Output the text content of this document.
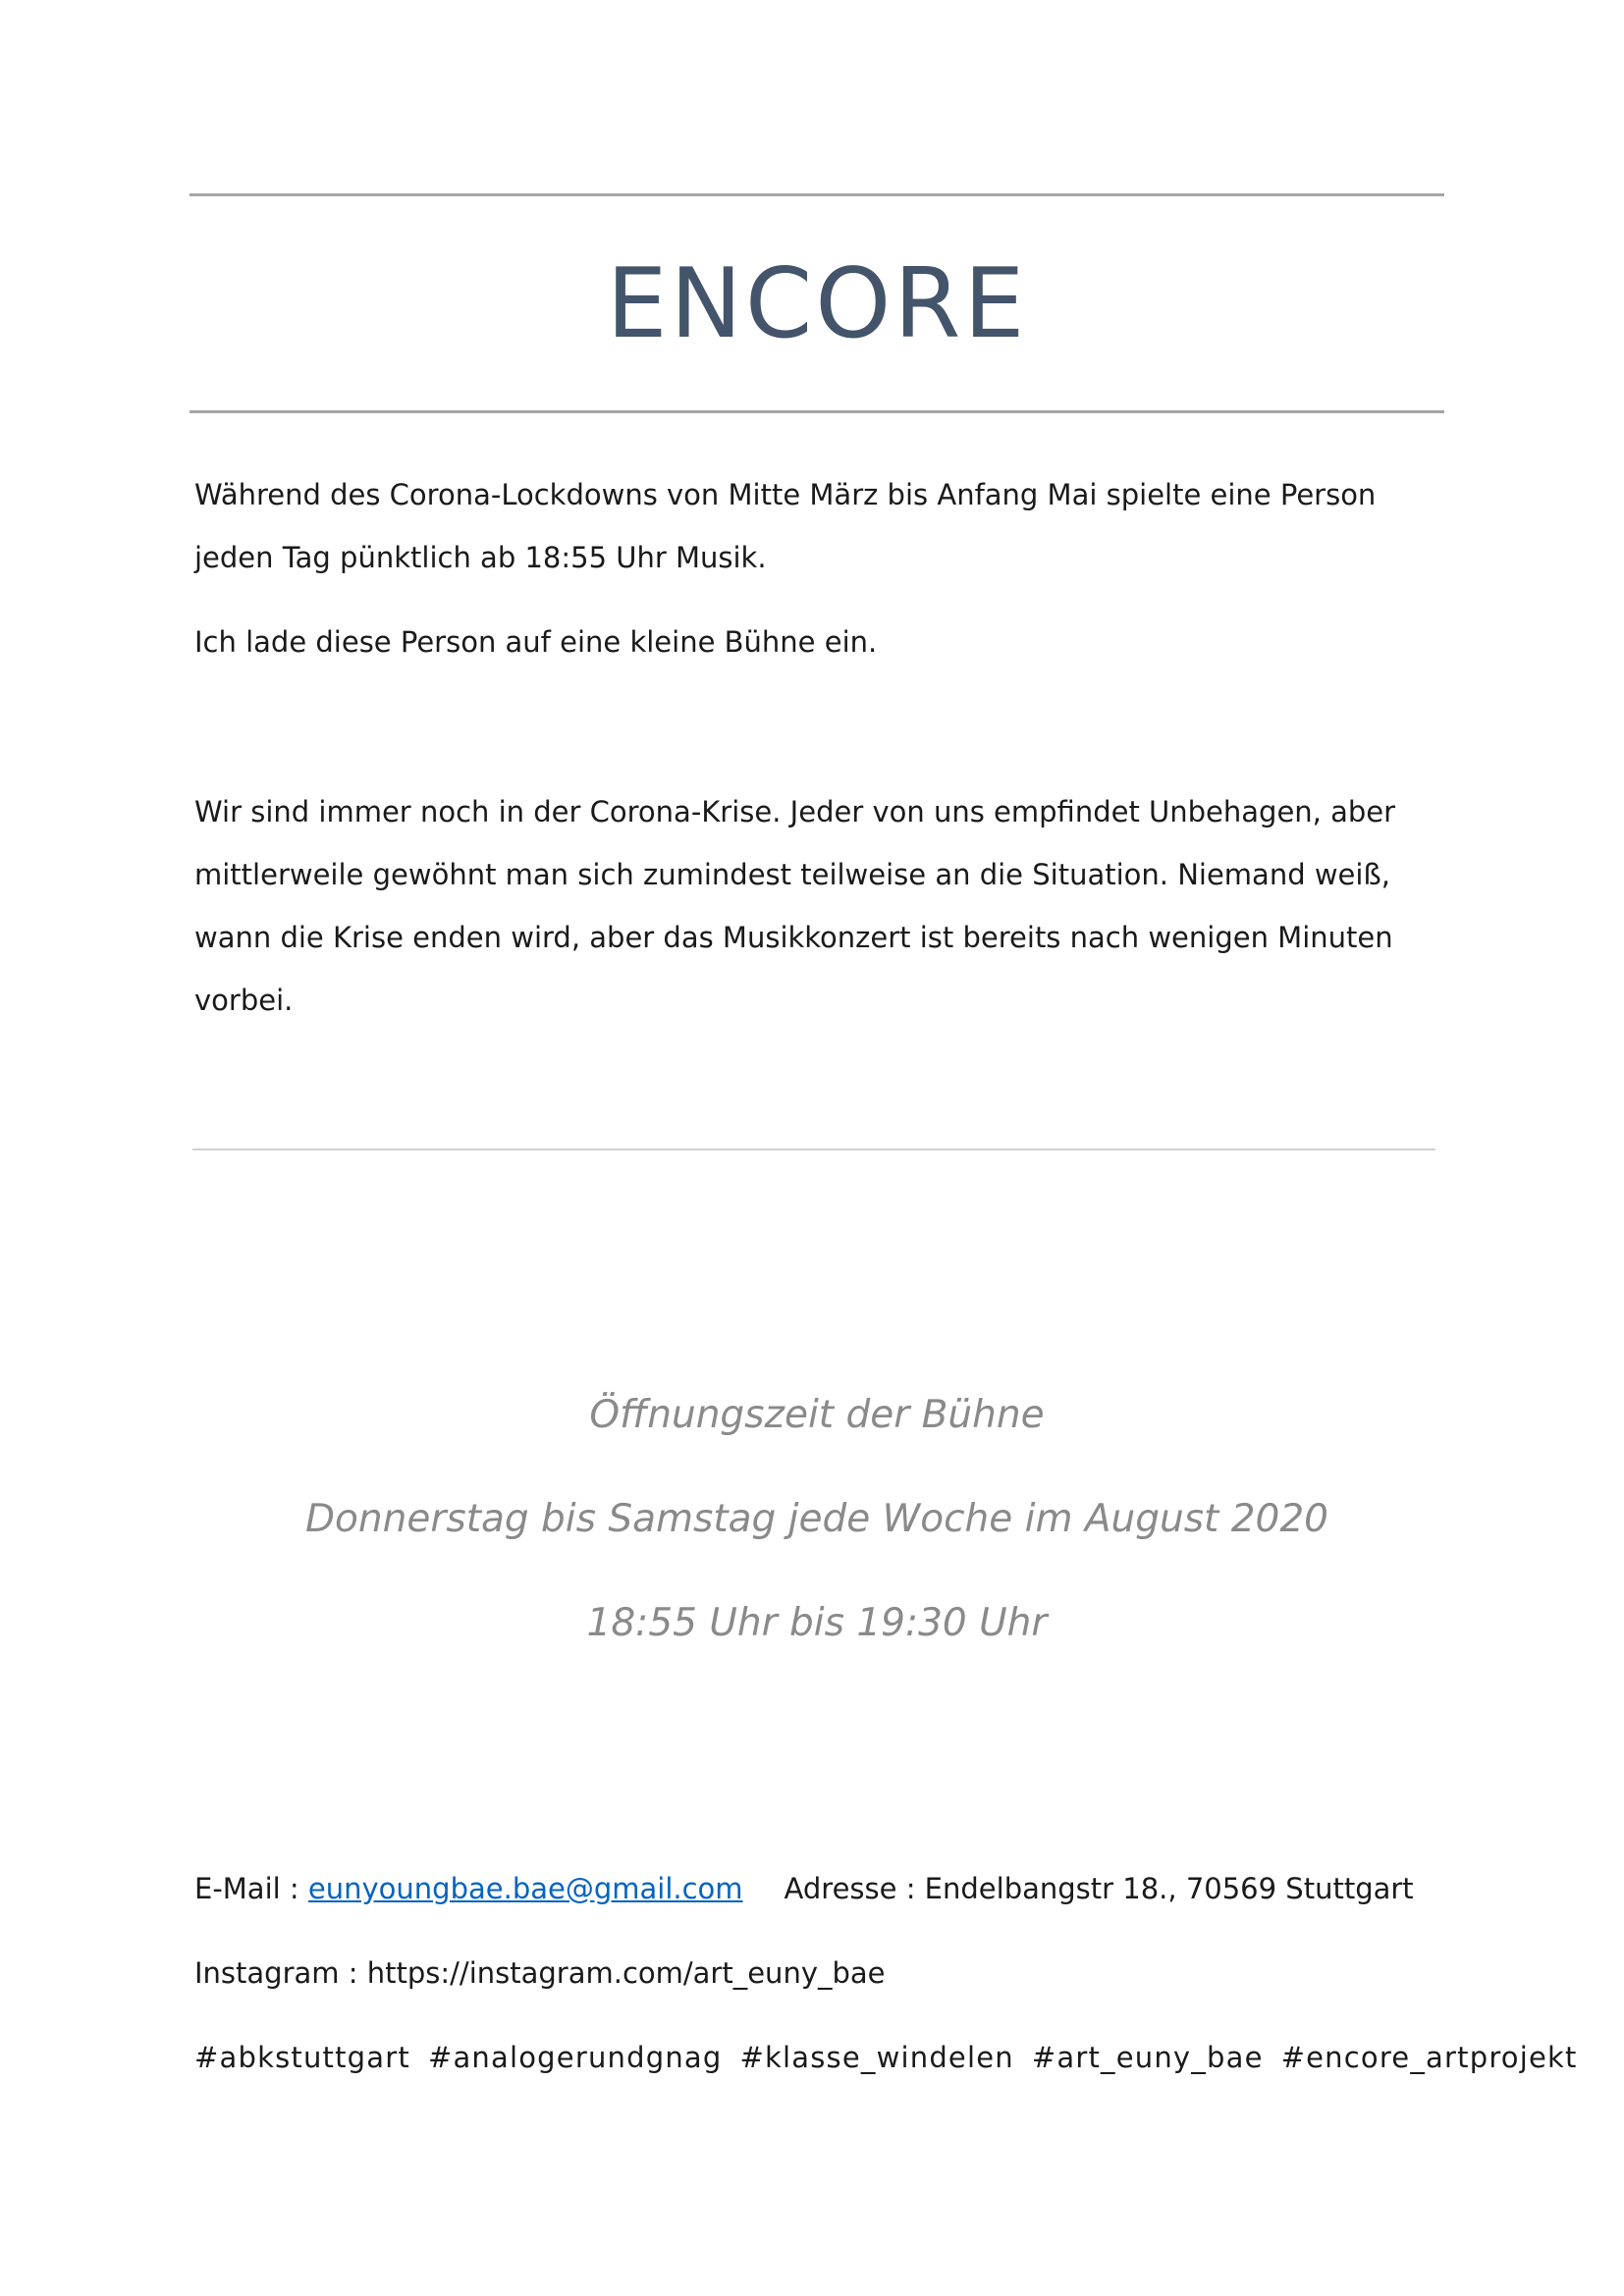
ENCORE

Während des Corona-Lockdowns von Mitte März bis Anfang Mai spielte eine Person jeden Tag pünktlich ab 18:55 Uhr Musik.

Ich lade diese Person auf eine kleine Bühne ein.

Wir sind immer noch in der Corona-Krise. Jeder von uns empfindet Unbehagen, aber mittlerweile gewöhnt man sich zumindest teilweise an die Situation. Niemand weiß, wann die Krise enden wird, aber das Musikkonzert ist bereits nach wenigen Minuten vorbei.

Öffnungszeit der Bühne

Donnerstag bis Samstag jede Woche im August 2020

18:55 Uhr bis 19:30 Uhr

E-Mail : eunyoungbae.bae@gmail.com Adresse : Endelbangstr 18., 70569 Stuttgart
Instagram : https://instagram.com/art_euny_bae
#abkstuttgart #analogerundgnag #klasse_windelen #art_euny_bae #encore_artprojekt
